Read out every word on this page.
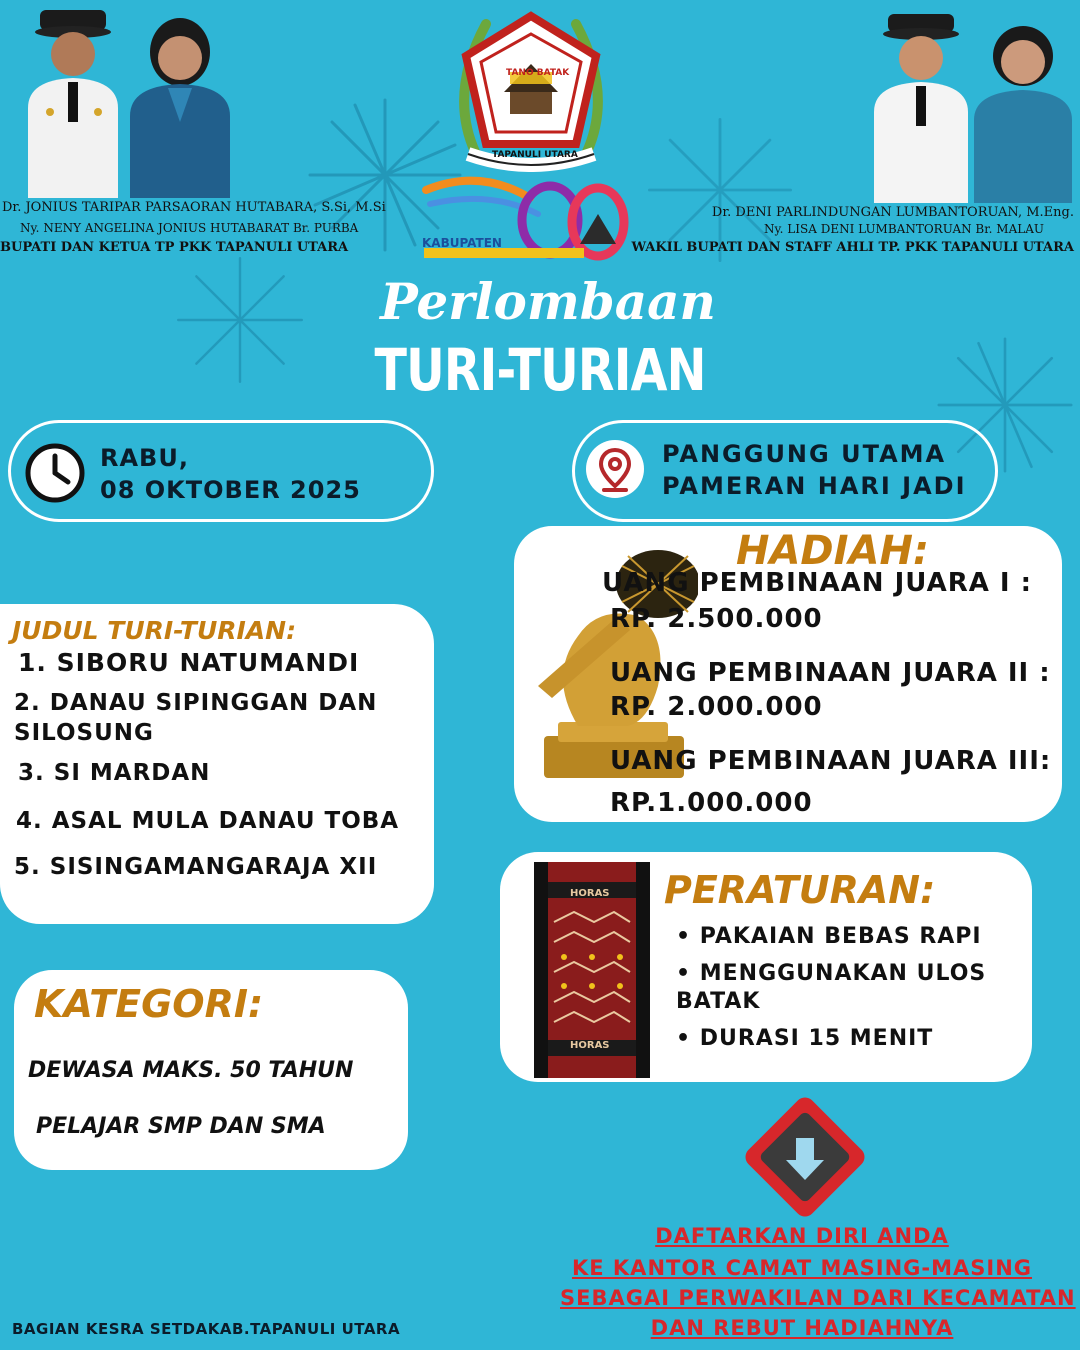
Dr. JONIUS TARIPAR PARSAORAN HUTABARA, S.Si, M.Si
Ny. NENY ANGELINA JONIUS HUTABARAT Br. PURBA
BUPATI DAN KETUA TP PKK TAPANULI UTARA
Dr. DENI PARLINDUNGAN LUMBANTORUAN, M.Eng.
Ny. LISA DENI LUMBANTORUAN Br. MALAU
WAKIL BUPATI DAN STAFF AHLI TP. PKK TAPANULI UTARA
TANO BATAK
TAPANULI UTARA
KABUPATEN
Perlombaan
TURI-TURIAN
RABU,
08 OKTOBER 2025
PANGGUNG UTAMA
PAMERAN HARI JADI
HADIAH:
UANG PEMBINAAN JUARA I :
RP. 2.500.000
UANG PEMBINAAN JUARA II :
RP. 2.000.000
UANG PEMBINAAN JUARA III:
RP.1.000.000
JUDUL TURI-TURIAN:
1. SIBORU NATUMANDI
2. DANAU SIPINGGAN DAN SILOSUNG
3. SI MARDAN
4. ASAL MULA DANAU TOBA
5. SISINGAMANGARAJA XII
HORAS
HORAS
PERATURAN:
• PAKAIAN BEBAS RAPI
• MENGGUNAKAN ULOS BATAK
• DURASI 15 MENIT
KATEGORI:
DEWASA MAKS. 50 TAHUN
PELAJAR SMP DAN SMA
DAFTARKAN DIRI ANDA
KE KANTOR CAMAT MASING-MASING
SEBAGAI PERWAKILAN DARI KECAMATAN
DAN REBUT HADIAHNYA
BAGIAN KESRA SETDAKAB.TAPANULI UTARA
